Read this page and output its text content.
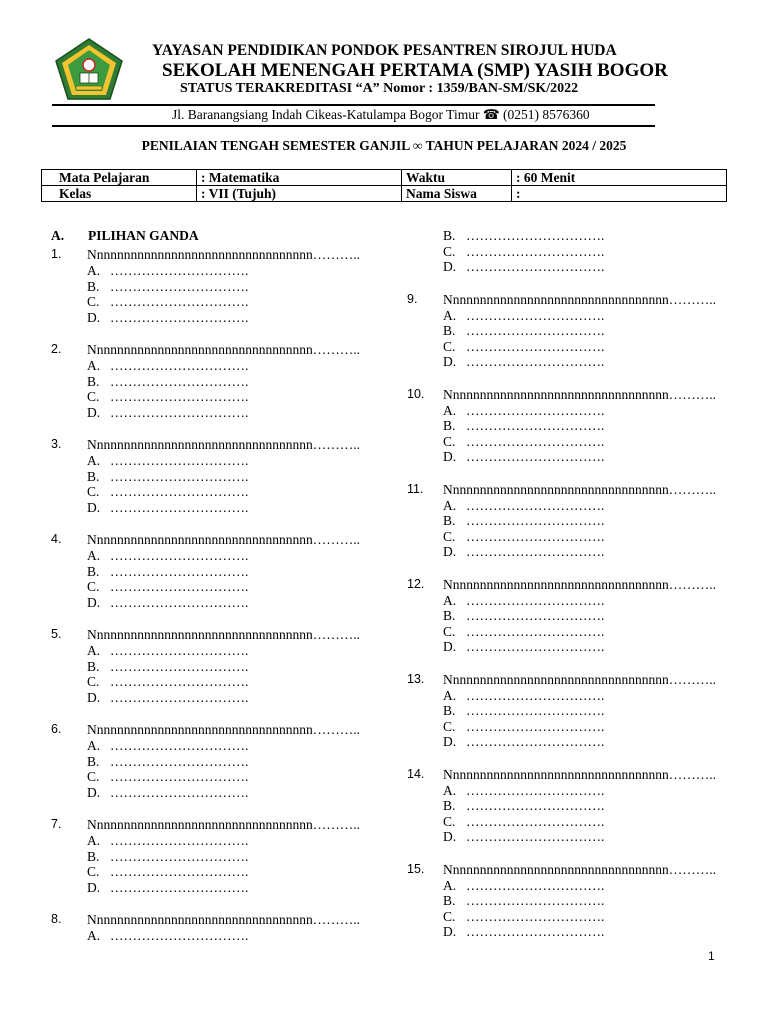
YAYASAN PENDIDIKAN PONDOK PESANTREN SIROJUL HUDA
SEKOLAH MENENGAH PERTAMA (SMP) YASIH BOGOR
STATUS TERAKREDITASI “A” Nomor : 1359/BAN-SM/SK/2022
Jl. Baranangsiang Indah Cikeas-Katulampa Bogor Timur ☎ (0251) 8576360
PENILAIAN TENGAH SEMESTER GANJIL ∞ TAHUN PELAJARAN 2024 / 2025
Mata Pelajaran	: Matematika	Waktu	: 60 Menit
Kelas	: VII (Tujuh)	Nama Siswa	:
A. PILIHAN GANDA
1. Nnnnnnnnnnnnnnnnnnnnnnnnnnnnnnnnn………..
A. ………………………….
B. ………………………….
C. ………………………….
D. ………………………….
2. Nnnnnnnnnnnnnnnnnnnnnnnnnnnnnnnnn………..
A. ………………………….
B. ………………………….
C. ………………………….
D. ………………………….
3. Nnnnnnnnnnnnnnnnnnnnnnnnnnnnnnnnn………..
A. ………………………….
B. ………………………….
C. ………………………….
D. ………………………….
4. Nnnnnnnnnnnnnnnnnnnnnnnnnnnnnnnnn………..
A. ………………………….
B. ………………………….
C. ………………………….
D. ………………………….
5. Nnnnnnnnnnnnnnnnnnnnnnnnnnnnnnnnn………..
A. ………………………….
B. ………………………….
C. ………………………….
D. ………………………….
6. Nnnnnnnnnnnnnnnnnnnnnnnnnnnnnnnnn………..
A. ………………………….
B. ………………………….
C. ………………………….
D. ………………………….
7. Nnnnnnnnnnnnnnnnnnnnnnnnnnnnnnnnn………..
A. ………………………….
B. ………………………….
C. ………………………….
D. ………………………….
8. Nnnnnnnnnnnnnnnnnnnnnnnnnnnnnnnnn………..
A. ………………………….
B. ………………………….
C. ………………………….
D. ………………………….
9. Nnnnnnnnnnnnnnnnnnnnnnnnnnnnnnnnn………..
A. ………………………….
B. ………………………….
C. ………………………….
D. ………………………….
10. Nnnnnnnnnnnnnnnnnnnnnnnnnnnnnnnnn………..
A. ………………………….
B. ………………………….
C. ………………………….
D. ………………………….
11. Nnnnnnnnnnnnnnnnnnnnnnnnnnnnnnnnn………..
A. ………………………….
B. ………………………….
C. ………………………….
D. ………………………….
12. Nnnnnnnnnnnnnnnnnnnnnnnnnnnnnnnnn………..
A. ………………………….
B. ………………………….
C. ………………………….
D. ………………………….
13. Nnnnnnnnnnnnnnnnnnnnnnnnnnnnnnnnn………..
A. ………………………….
B. ………………………….
C. ………………………….
D. ………………………….
14. Nnnnnnnnnnnnnnnnnnnnnnnnnnnnnnnnn………..
A. ………………………….
B. ………………………….
C. ………………………….
D. ………………………….
15. Nnnnnnnnnnnnnnnnnnnnnnnnnnnnnnnnn………..
A. ………………………….
B. ………………………….
C. ………………………….
D. ………………………….
1
